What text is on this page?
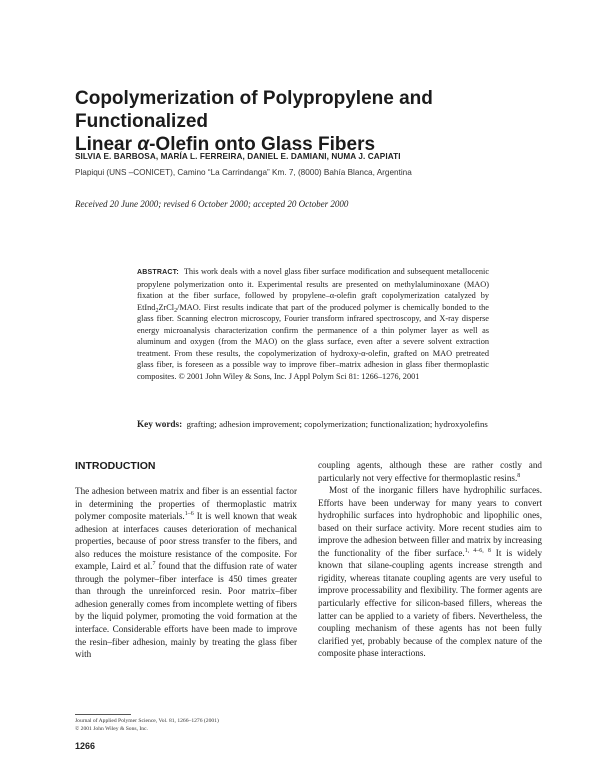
Copolymerization of Polypropylene and Functionalized
Linear α-Olefin onto Glass Fibers
SILVIA E. BARBOSA, MARÍA L. FERREIRA, DANIEL E. DAMIANI, NUMA J. CAPIATI
Plapiqui (UNS –CONICET), Camino “La Carrindanga” Km. 7, (8000) Bahía Blanca, Argentina
Received 20 June 2000; revised 6 October 2000; accepted 20 October 2000

ABSTRACT: This work deals with a novel glass fiber surface modification and subsequent metallocenic propylene polymerization onto it. Experimental results are presented on methylaluminoxane (MAO) fixation at the fiber surface, followed by propylene–α-olefin graft copolymerization catalyzed by EtInd$_2$ZrCl$_2$/MAO. First results indicate that part of the produced polymer is chemically bonded to the glass fiber. Scanning electron microscopy, Fourier transform infrared spectroscopy, and X-ray disperse energy microanalysis characterization confirm the permanence of a thin polymer layer as well as aluminum and oxygen (from the MAO) on the glass surface, even after a severe solvent extraction treatment. From these results, the copolymerization of hydroxy-α-olefin, grafted on MAO pretreated glass fiber, is foreseen as a possible way to improve fiber–matrix adhesion in glass fiber thermoplastic composites. © 2001 John Wiley & Sons, Inc. J Appl Polym Sci 81: 1266–1276, 2001

Key words: grafting; adhesion improvement; copolymerization; functionalization; hydroxyolefins

INTRODUCTION

The adhesion between matrix and fiber is an essential factor in determining the properties of thermoplastic matrix polymer composite materials.$^{1-6}$ It is well known that weak adhesion at interfaces causes deterioration of mechanical properties, because of poor stress transfer to the fibers, and also reduces the moisture resistance of the composite. For example, Laird et al.$^7$ found that the diffusion rate of water through the polymer–fiber interface is 450 times greater than through the unreinforced resin. Poor matrix–fiber adhesion generally comes from incomplete wetting of fibers by the liquid polymer, promoting the void formation at the interface. Considerable efforts have been made to improve the resin–fiber adhesion, mainly by treating the glass fiber with

coupling agents, although these are rather costly and particularly not very effective for thermoplastic resins.$^8$

Most of the inorganic fillers have hydrophilic surfaces. Efforts have been underway for many years to convert hydrophilic surfaces into hydrophobic and lipophilic ones, based on their surface activity. More recent studies aim to improve the adhesion between filler and matrix by increasing the functionality of the fiber surface.$^{1, 4-6, 8}$ It is widely known that silane-coupling agents increase strength and rigidity, whereas titanate coupling agents are very useful to improve processability and flexibility. The former agents are particularly effective for silicon-based fillers, whereas the latter can be applied to a variety of fibers. Nevertheless, the coupling mechanism of these agents has not been fully clarified yet, probably because of the complex nature of the composite phase interactions.

Journal of Applied Polymer Science, Vol. 81, 1266–1276 (2001)
© 2001 John Wiley & Sons, Inc.

1266
